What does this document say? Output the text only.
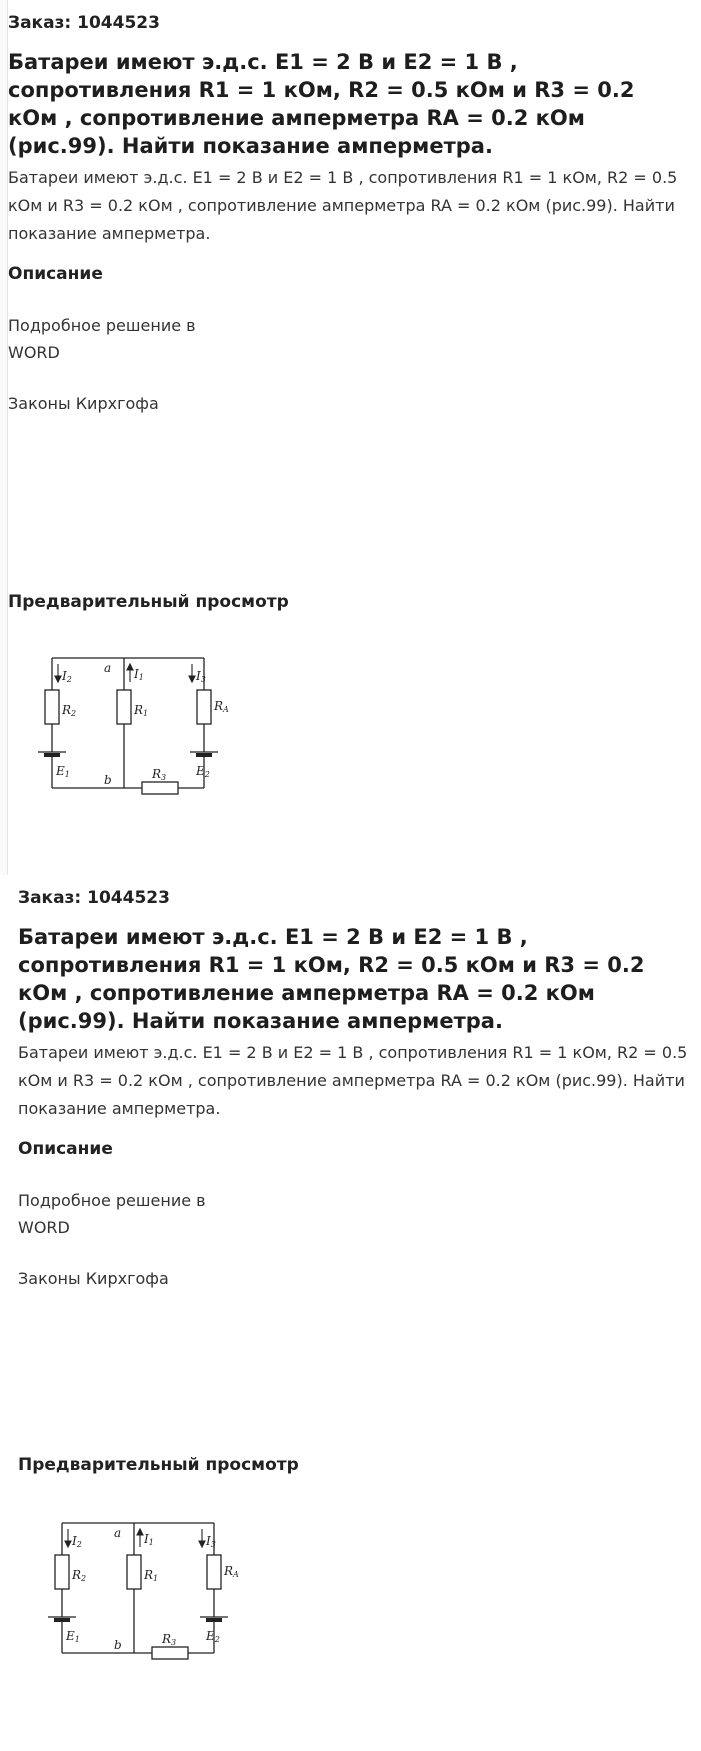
Заказ: 1044523
Батареи имеют э.д.с. E1 = 2 В и E2 = 1 В , сопротивления R1 = 1 кОм, R2 = 0.5 кОм и R3 = 0.2 кОм , сопротивление амперметра RA = 0.2 кОм (рис.99). Найти показание амперметра.
Батареи имеют э.д.с. E1 = 2 В и E2 = 1 В , сопротивления R1 = 1 кОм, R2 = 0.5 кОм и R3 = 0.2 кОм , сопротивление амперметра RA = 0.2 кОм (рис.99). Найти показание амперметра.
Описание
Подробное решение в WORD
Законы Кирхгофа
Предварительный просмотр
I2
a I1	I3
R2	R1
RA
E1	b	R3 E2
Заказ: 1044523
Батареи имеют э.д.с. E1 = 2 В и E2 = 1 В , сопротивления R1 = 1 кОм, R2 = 0.5 кОм и R3 = 0.2 кОм , сопротивление амперметра RA = 0.2 кОм (рис.99). Найти показание амперметра.
Батареи имеют э.д.с. E1 = 2 В и E2 = 1 В , сопротивления R1 = 1 кОм, R2 = 0.5 кОм и R3 = 0.2 кОм , сопротивление амперметра RA = 0.2 кОм (рис.99). Найти показание амперметра.
Описание
Подробное решение в WORD
Законы Кирхгофа
Предварительный просмотр
I2
a I1	I3
R2	R1
RA
E1	b	R3 E2
